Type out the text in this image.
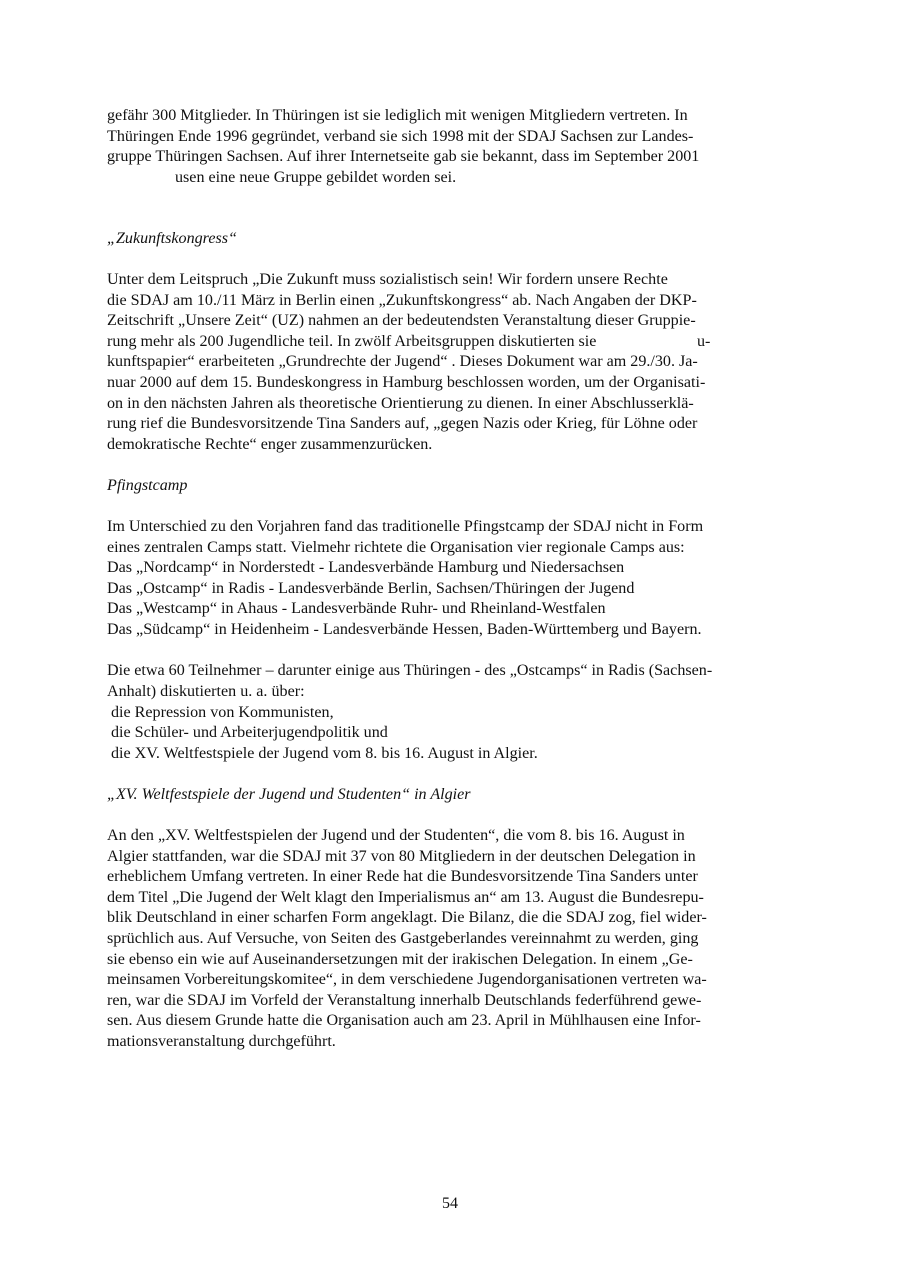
gefähr 300 Mitglieder. In Thüringen ist sie lediglich mit wenigen Mitgliedern vertreten. In
Thüringen Ende 1996 gegründet, verband sie sich 1998 mit der SDAJ Sachsen zur Landes-
gruppe Thüringen Sachsen. Auf ihrer Internetseite gab sie bekannt, dass im September 2001
usen eine neue Gruppe gebildet worden sei.
„Zukunftskongress“
Unter dem Leitspruch „Die Zukunft muss sozialistisch sein! Wir fordern unsere Rechte
die SDAJ am 10./11 März in Berlin einen „Zukunftskongress“ ab. Nach Angaben der DKP-
Zeitschrift „Unsere Zeit“ (UZ) nahmen an der bedeutendsten Veranstaltung dieser Gruppie-
rung mehr als 200 Jugendliche teil. In zwölf Arbeitsgruppen diskutierten sie                         u-
kunftspapier“ erarbeiteten „Grundrechte der Jugend“ . Dieses Dokument war am 29./30. Ja-
nuar 2000 auf dem 15. Bundeskongress in Hamburg beschlossen worden, um der Organisati-
on in den nächsten Jahren als theoretische Orientierung zu dienen. In einer Abschlusserklä-
rung rief die Bundesvorsitzende Tina Sanders auf, „gegen Nazis oder Krieg, für Löhne oder
demokratische Rechte“ enger zusammenzurücken.
Pfingstcamp
Im Unterschied zu den Vorjahren fand das traditionelle Pfingstcamp der SDAJ nicht in Form
eines zentralen Camps statt. Vielmehr richtete die Organisation vier regionale Camps aus:
Das „Nordcamp“ in Norderstedt - Landesverbände Hamburg und Niedersachsen
Das „Ostcamp“ in Radis - Landesverbände Berlin, Sachsen/Thüringen der Jugend
Das „Westcamp“ in Ahaus - Landesverbände Ruhr- und Rheinland-Westfalen
Das „Südcamp“ in Heidenheim - Landesverbände Hessen, Baden-Württemberg und Bayern.
Die etwa 60 Teilnehmer – darunter einige aus Thüringen - des „Ostcamps“ in Radis (Sachsen-
Anhalt) diskutierten u. a. über:
die Repression von Kommunisten,
die Schüler- und Arbeiterjugendpolitik und
die XV. Weltfestspiele der Jugend vom 8. bis 16. August in Algier.
„XV. Weltfestspiele der Jugend und Studenten“ in Algier
An den „XV. Weltfestspielen der Jugend und der Studenten“, die vom 8. bis 16. August in
Algier stattfanden, war die SDAJ mit 37 von 80 Mitgliedern in der deutschen Delegation in
erheblichem Umfang vertreten. In einer Rede hat die Bundesvorsitzende Tina Sanders unter
dem Titel „Die Jugend der Welt klagt den Imperialismus an“ am 13. August die Bundesrepu-
blik Deutschland in einer scharfen Form angeklagt. Die Bilanz, die die SDAJ zog, fiel wider-
sprüchlich aus. Auf Versuche, von Seiten des Gastgeberlandes vereinnahmt zu werden, ging
sie ebenso ein wie auf Auseinandersetzungen mit der irakischen Delegation. In einem „Ge-
meinsamen Vorbereitungskomitee“, in dem verschiedene Jugendorganisationen vertreten wa-
ren, war die SDAJ im Vorfeld der Veranstaltung innerhalb Deutschlands federführend gewe-
sen. Aus diesem Grunde hatte die Organisation auch am 23. April in Mühlhausen eine Infor-
mationsveranstaltung durchgeführt.
54
